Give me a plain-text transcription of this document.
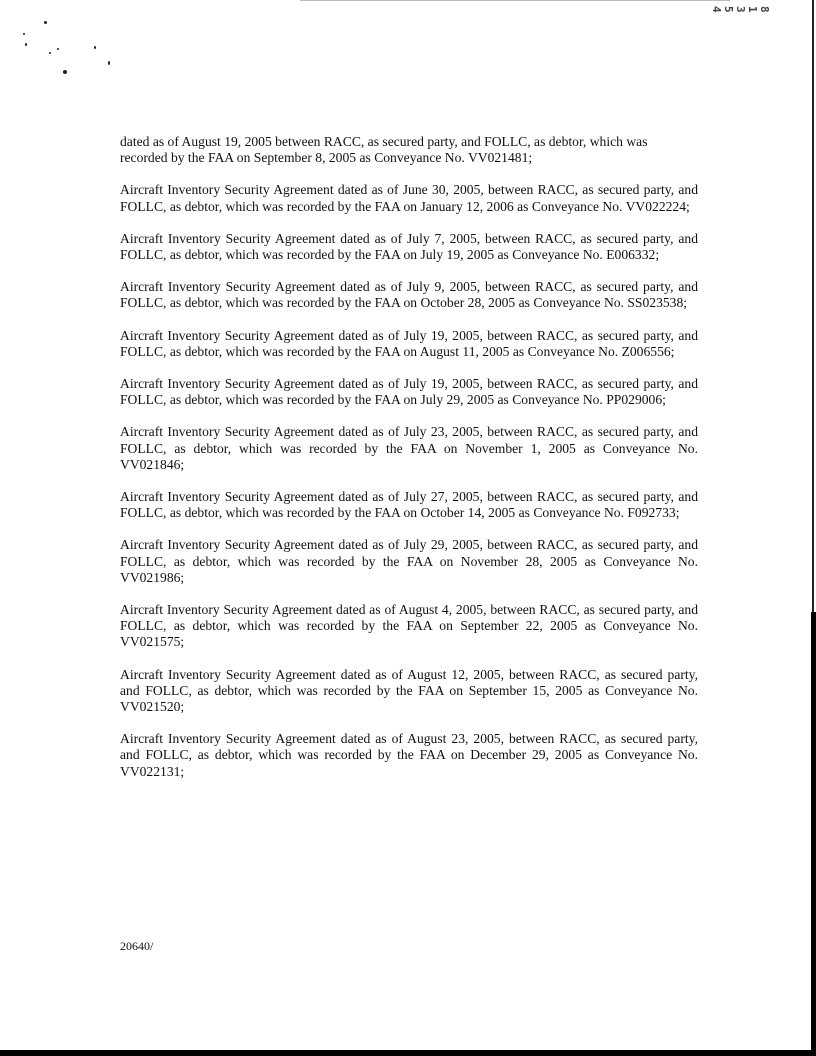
8
1
3
5
4

dated as of August 19, 2005 between RACC, as secured party, and FOLLC, as debtor, which was recorded by the FAA on September 8, 2005 as Conveyance No. VV021481;

Aircraft Inventory Security Agreement dated as of June 30, 2005, between RACC, as secured party, and FOLLC, as debtor, which was recorded by the FAA on January 12, 2006 as Conveyance No. VV022224;

Aircraft Inventory Security Agreement dated as of July 7, 2005, between RACC, as secured party, and FOLLC, as debtor, which was recorded by the FAA on July 19, 2005 as Conveyance No. E006332;

Aircraft Inventory Security Agreement dated as of July 9, 2005, between RACC, as secured party, and FOLLC, as debtor, which was recorded by the FAA on October 28, 2005 as Conveyance No. SS023538;

Aircraft Inventory Security Agreement dated as of July 19, 2005, between RACC, as secured party, and FOLLC, as debtor, which was recorded by the FAA on August 11, 2005 as Conveyance No. Z006556;

Aircraft Inventory Security Agreement dated as of July 19, 2005, between RACC, as secured party, and FOLLC, as debtor, which was recorded by the FAA on July 29, 2005 as Conveyance No. PP029006;

Aircraft Inventory Security Agreement dated as of July 23, 2005, between RACC, as secured party, and FOLLC, as debtor, which was recorded by the FAA on November 1, 2005 as Conveyance No. VV021846;

Aircraft Inventory Security Agreement dated as of July 27, 2005, between RACC, as secured party, and FOLLC, as debtor, which was recorded by the FAA on October 14, 2005 as Conveyance No. F092733;

Aircraft Inventory Security Agreement dated as of July 29, 2005, between RACC, as secured party, and FOLLC, as debtor, which was recorded by the FAA on November 28, 2005 as Conveyance No. VV021986;

Aircraft Inventory Security Agreement dated as of August 4, 2005, between RACC, as secured party, and FOLLC, as debtor, which was recorded by the FAA on September 22, 2005 as Conveyance No. VV021575;

Aircraft Inventory Security Agreement dated as of August 12, 2005, between RACC, as secured party, and FOLLC, as debtor, which was recorded by the FAA on September 15, 2005 as Conveyance No. VV021520;

Aircraft Inventory Security Agreement dated as of August 23, 2005, between RACC, as secured party, and FOLLC, as debtor, which was recorded by the FAA on December 29, 2005 as Conveyance No. VV022131;

20640/
